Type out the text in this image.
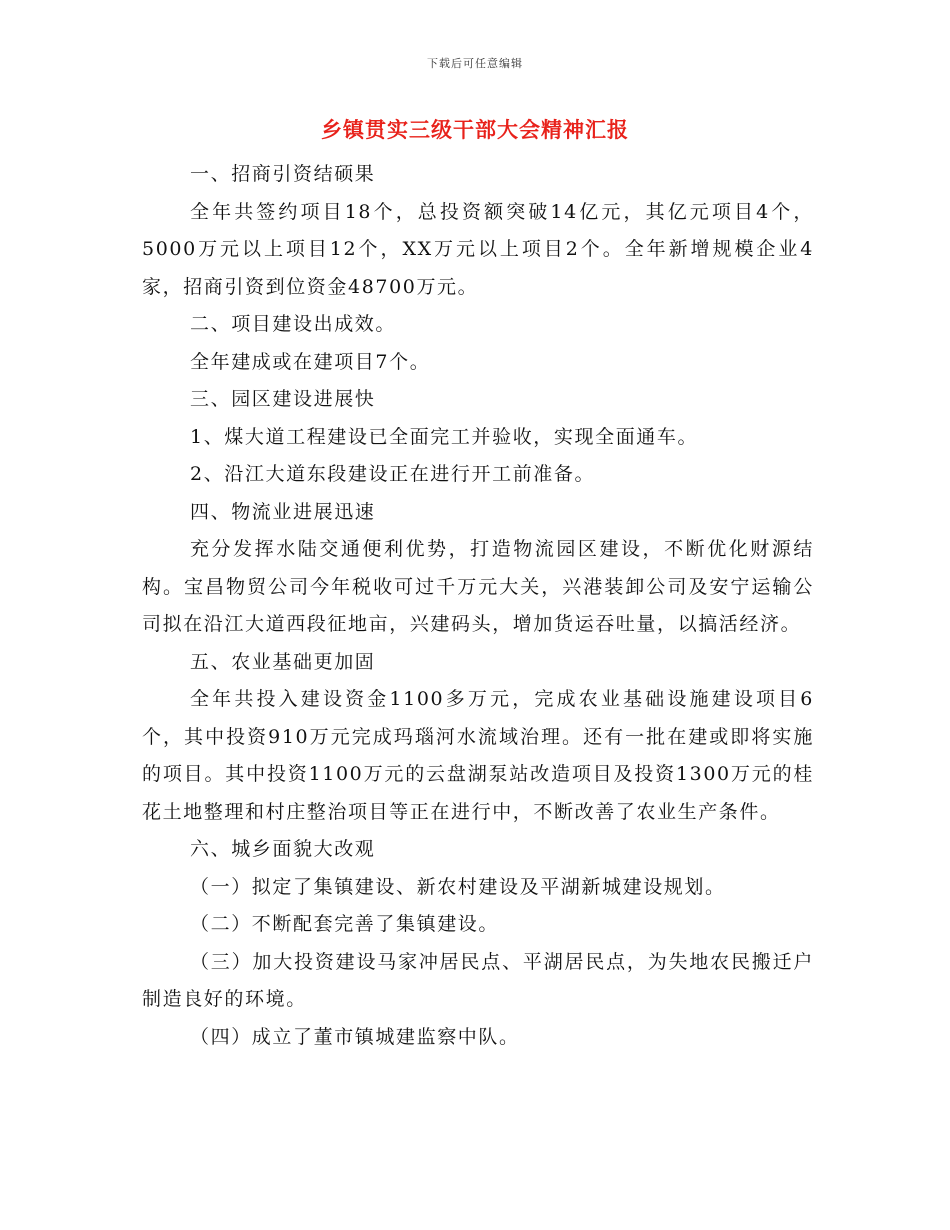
下载后可任意编辑
乡镇贯实三级干部大会精神汇报

一、招商引资结硕果

全年共签约项目18个，总投资额突破14亿元，其亿元项目4个，5000万元以上项目12个，XX万元以上项目2个。全年新增规模企业4家，招商引资到位资金48700万元。

二、项目建设出成效。

全年建成或在建项目7个。

三、园区建设进展快

1、煤大道工程建设已全面完工并验收，实现全面通车。

2、沿江大道东段建设正在进行开工前准备。

四、物流业进展迅速

充分发挥水陆交通便利优势，打造物流园区建设，不断优化财源结构。宝昌物贸公司今年税收可过千万元大关，兴港装卸公司及安宁运输公司拟在沿江大道西段征地亩，兴建码头，增加货运吞吐量，以搞活经济。

五、农业基础更加固

全年共投入建设资金1100多万元，完成农业基础设施建设项目6个，其中投资910万元完成玛瑙河水流域治理。还有一批在建或即将实施的项目。其中投资1100万元的云盘湖泵站改造项目及投资1300万元的桂花土地整理和村庄整治项目等正在进行中，不断改善了农业生产条件。

六、城乡面貌大改观

（一）拟定了集镇建设、新农村建设及平湖新城建设规划。

（二）不断配套完善了集镇建设。

（三）加大投资建设马家冲居民点、平湖居民点，为失地农民搬迁户制造良好的环境。

（四）成立了董市镇城建监察中队。
